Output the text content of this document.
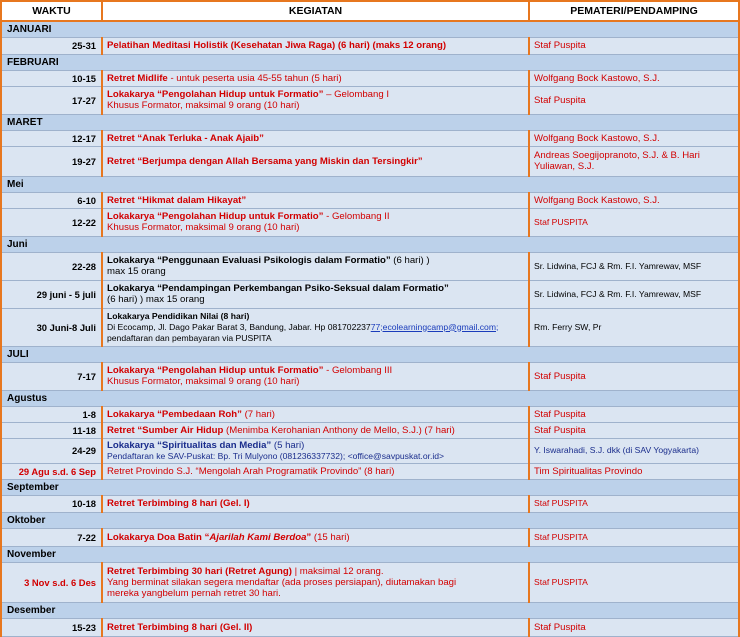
WAKTU	KEGIATAN	PEMATERI/PENDAMPING
JANUARI		
25-31	Pelatihan Meditasi Holistik (Kesehatan Jiwa Raga) (6 hari) (maks 12 orang)	Staf Puspita
FEBRUARI		
10-15	Retret Midlife - untuk peserta usia 45-55 tahun (5 hari)	Wolfgang Bock Kastowo, S.J.
17-27	Lokakarya “Pengolahan Hidup untuk Formatio” – Gelombang I
Khusus Formator, maksimal 9 orang (10 hari)	Staf Puspita
MARET		
12-17	Retret “Anak Terluka - Anak Ajaib”	Wolfgang Bock Kastowo, S.J.
19-27	Retret “Berjumpa dengan Allah Bersama yang Miskin dan Tersingkir”	Andreas Soegijopranoto, S.J. & B. Hari
Yuliawan, S.J.
Mei		
6-10	Retret “Hikmat dalam Hikayat”	Wolfgang Bock Kastowo, S.J.
12-22	Lokakarya “Pengolahan Hidup untuk Formatio” - Gelombang II
Khusus Formator, maksimal 9 orang (10 hari)	Staf PUSPITA
Juni		
22-28	Lokakarya “Penggunaan Evaluasi Psikologis dalam Formatio” (6 hari) )
max 15 orang	Sr. Lidwina, FCJ & Rm. F.I. Yamrewav, MSF
29 juni - 5 juli	Lokakarya “Pendampingan Perkembangan Psiko-Seksual dalam Formatio”
(6 hari) ) max 15 orang	Sr. Lidwina, FCJ & Rm. F.I. Yamrewav, MSF
30 Juni-8 Juli	Lokakarya Pendidikan Nilai (8 hari)
Di Ecocamp, Jl. Dago Pakar Barat 3, Bandung, Jabar. Hp 08170223777;ecolearningcamp@gmail.com;
pendaftaran dan pembayaran via PUSPITA	Rm. Ferry SW, Pr
JULI		
7-17	Lokakarya “Pengolahan Hidup untuk Formatio” - Gelombang III
Khusus Formator, maksimal 9 orang (10 hari)	Staf Puspita
Agustus		
1-8	Lokakarya “Pembedaan Roh” (7 hari)	Staf Puspita
11-18	Retret “Sumber Air Hidup (Menimba Kerohanian Anthony de Mello, S.J.) (7 hari)	Staf Puspita
24-29	Lokakarya “Spiritualitas dan Media” (5 hari)
Pendaftaran ke SAV-Puskat: Bp. Tri Mulyono (081236337732); <office@savpuskat.or.id>	Y. Iswarahadi, S.J. dkk (di SAV Yogyakarta)
29 Agu s.d. 6 Sep	Retret Provindo S.J. “Mengolah Arah Programatik Provindo” (8 hari)	Tim Spiritualitas Provindo
September		
10-18	Retret Terbimbing 8 hari (Gel. I)	Staf PUSPITA
Oktober		
7-22	Lokakarya Doa Batin “Ajarilah Kami Berdoa” (15 hari)	Staf PUSPITA
November		
3 Nov s.d. 6 Des	Retret Terbimbing 30 hari (Retret Agung) | maksimal 12 orang.
Yang berminat silakan segera mendaftar (ada proses persiapan), diutamakan bagi
mereka yangbelum pernah retret 30 hari.	Staf PUSPITA
Desember		
15-23	Retret Terbimbing 8 hari (Gel. II)	Staf Puspita
